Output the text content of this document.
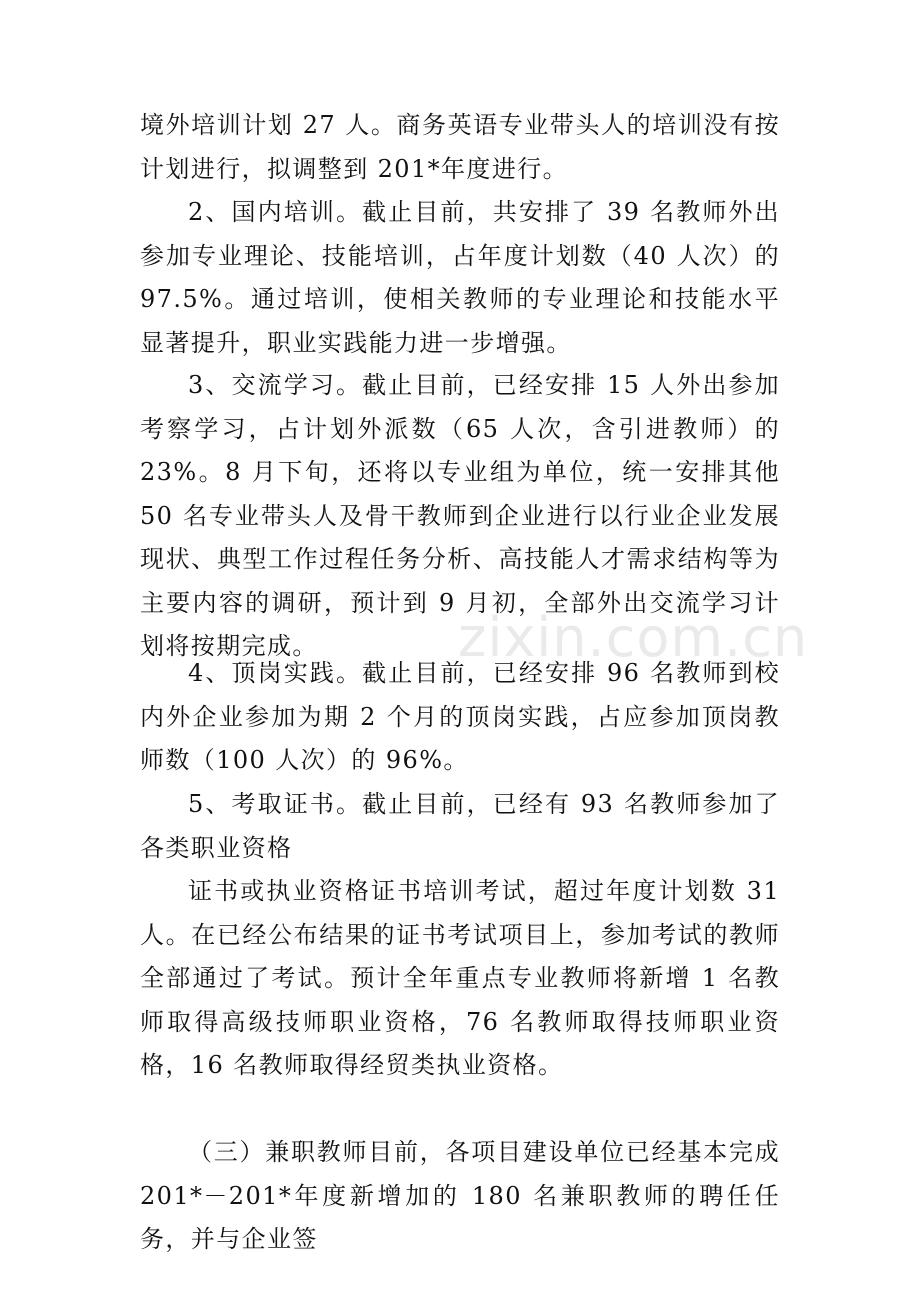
境外培训计划 27 人。商务英语专业带头人的培训没有按计划进行，拟调整到 201*年度进行。

2、国内培训。截止目前，共安排了 39 名教师外出参加专业理论、技能培训，占年度计划数（40 人次）的 97.5%。通过培训，使相关教师的专业理论和技能水平显著提升，职业实践能力进一步增强。

3、交流学习。截止目前，已经安排 15 人外出参加考察学习，占计划外派数（65 人次，含引进教师）的 23%。8 月下旬，还将以专业组为单位，统一安排其他 50 名专业带头人及骨干教师到企业进行以行业企业发展现状、典型工作过程任务分析、高技能人才需求结构等为主要内容的调研，预计到 9 月初，全部外出交流学习计划将按期完成。

4、顶岗实践。截止目前，已经安排 96 名教师到校内外企业参加为期 2 个月的顶岗实践，占应参加顶岗教师数（100 人次）的 96%。

5、考取证书。截止目前，已经有 93 名教师参加了各类职业资格

证书或执业资格证书培训考试，超过年度计划数 31 人。在已经公布结果的证书考试项目上，参加考试的教师全部通过了考试。预计全年重点专业教师将新增 1 名教师取得高级技师职业资格，76 名教师取得技师职业资格，16 名教师取得经贸类执业资格。

（三）兼职教师目前，各项目建设单位已经基本完成 201*－201*年度新增加的 180 名兼职教师的聘任任务，并与企业签

zixin.com.cn
